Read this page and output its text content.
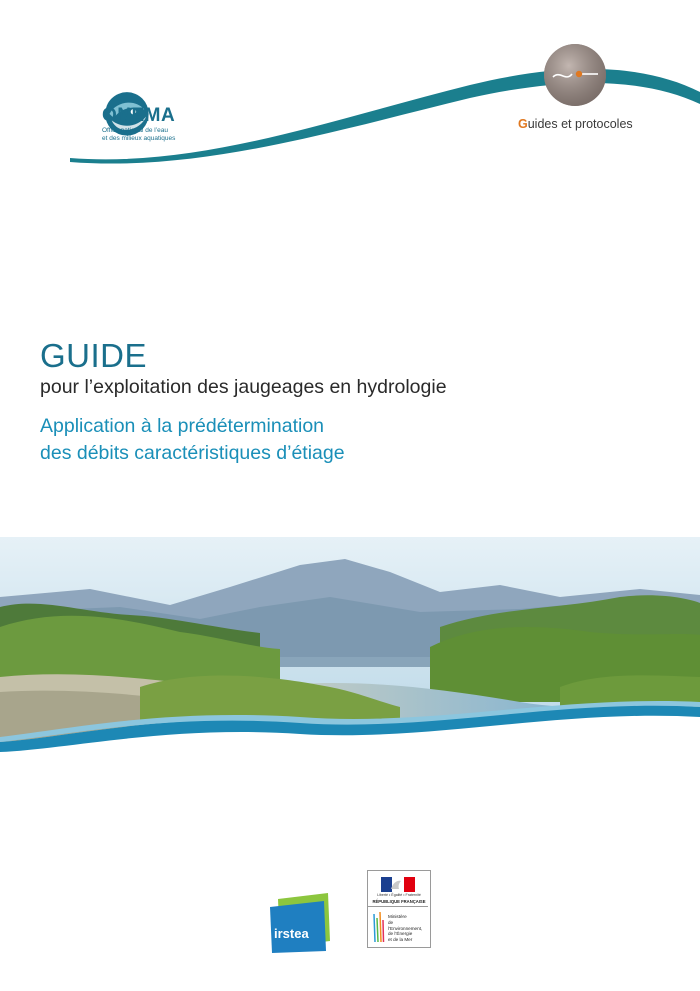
ONEMA
Office national de l’eau
et des milieux aquatiques
Guides et protocoles
GUIDE
pour l’exploitation des jaugeages en hydrologie
Application à la prédétermination
des débits caractéristiques d’étiage
irstea
Liberté • Égalité • Fraternité
RÉPUBLIQUE FRANÇAISE
Ministère
de l’Environnement,
de l’Énergie
et de la Mer
